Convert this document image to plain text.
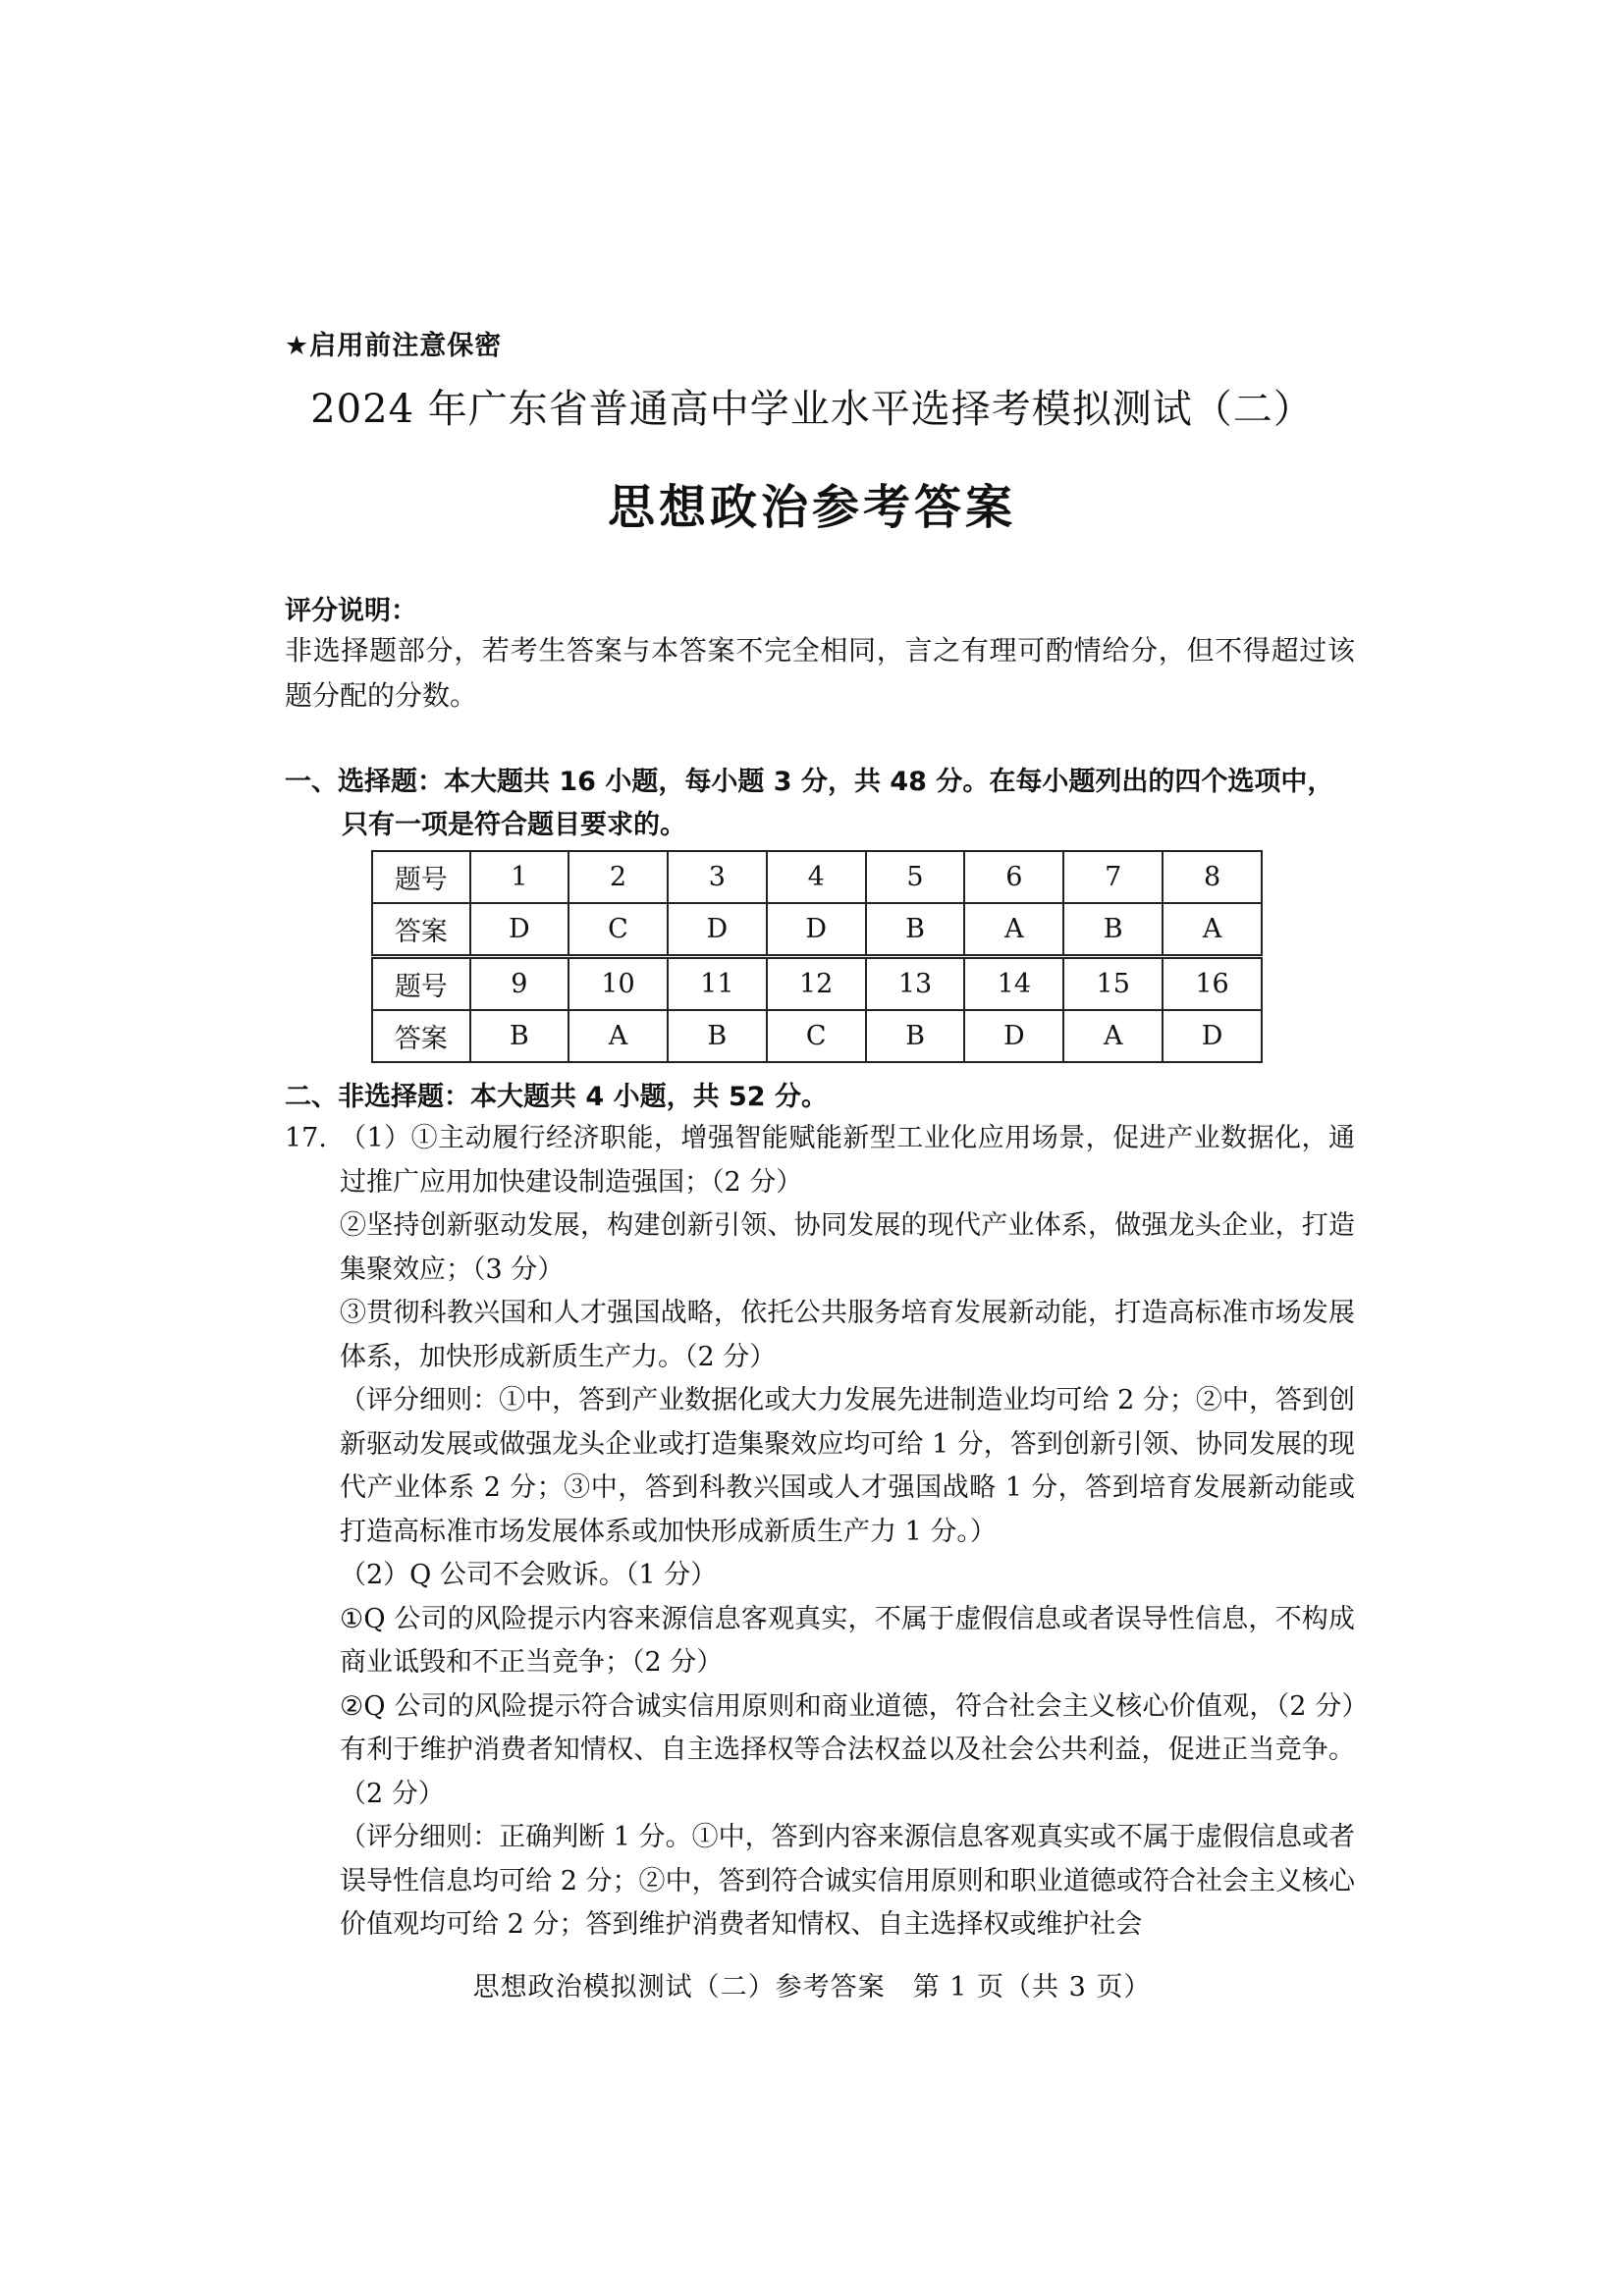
★启用前注意保密
2024 年广东省普通高中学业水平选择考模拟测试（二）
思想政治参考答案
评分说明：
非选择题部分，若考生答案与本答案不完全相同，言之有理可酌情给分，但不得超过该题分配的分数。
一、选择题：本大题共 16 小题，每小题 3 分，共 48 分。在每小题列出的四个选项中，
只有一项是符合题目要求的。
题号	1	2	3	4	5	6	7	8
答案	D	C	D	D	B	A	B	A
题号	9	10	11	12	13	14	15	16
答案	B	A	B	C	B	D	A	D
二、非选择题：本大题共 4 小题，共 52 分。
17. （1）①主动履行经济职能，增强智能赋能新型工业化应用场景，促进产业数据化，通过推广应用加快建设制造强国；（2 分）

②坚持创新驱动发展，构建创新引领、协同发展的现代产业体系，做强龙头企业，打造集聚效应；（3 分）

③贯彻科教兴国和人才强国战略，依托公共服务培育发展新动能，打造高标准市场发展体系，加快形成新质生产力。（2 分）

（评分细则：①中，答到产业数据化或大力发展先进制造业均可给 2 分；②中，答到创新驱动发展或做强龙头企业或打造集聚效应均可给 1 分，答到创新引领、协同发展的现代产业体系 2 分；③中，答到科教兴国或人才强国战略 1 分，答到培育发展新动能或打造高标准市场发展体系或加快形成新质生产力 1 分。）

（2）Q 公司不会败诉。（1 分）

①Q 公司的风险提示内容来源信息客观真实，不属于虚假信息或者误导性信息，不构成商业诋毁和不正当竞争；（2 分）

②Q 公司的风险提示符合诚实信用原则和商业道德，符合社会主义核心价值观，（2 分）有利于维护消费者知情权、自主选择权等合法权益以及社会公共利益，促进正当竞争。（2 分）

（评分细则：正确判断 1 分。①中，答到内容来源信息客观真实或不属于虚假信息或者误导性信息均可给 2 分；②中，答到符合诚实信用原则和职业道德或符合社会主义核心价值观均可给 2 分；答到维护消费者知情权、自主选择权或维护社会

思想政治模拟测试（二）参考答案　第 1 页（共 3 页）
